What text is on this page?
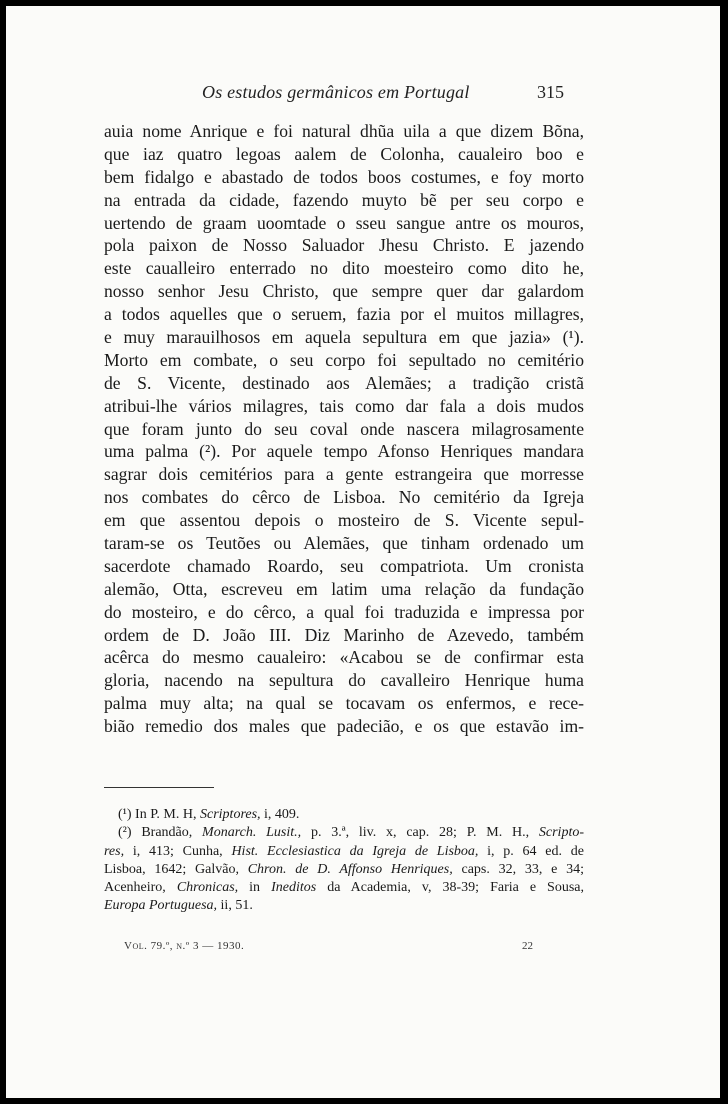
Os estudos germânicos em Portugal	315
auia nome Anrique e foi natural dhũa uila a que dizem Bõna,
que iaz quatro legoas aalem de Colonha, caualeiro boo e
bem fidalgo e abastado de todos boos costumes, e foy morto
na entrada da cidade, fazendo muyto bẽ per seu corpo e
uertendo de graam uoomtade o sseu sangue antre os mouros,
pola paixon de Nosso Saluador Jhesu Christo. E jazendo
este caualleiro enterrado no dito moesteiro como dito he,
nosso senhor Jesu Christo, que sempre quer dar galardom
a todos aquelles que o seruem, fazia por el muitos millagres,
e muy marauilhosos em aquela sepultura em que jazia» (¹).
Morto em combate, o seu corpo foi sepultado no cemitério
de S. Vicente, destinado aos Alemães; a tradição cristã
atribui-lhe vários milagres, tais como dar fala a dois mudos
que foram junto do seu coval onde nascera milagrosamente
uma palma (²). Por aquele tempo Afonso Henriques mandara
sagrar dois cemitérios para a gente estrangeira que morresse
nos combates do cêrco de Lisboa. No cemitério da Igreja
em que assentou depois o mosteiro de S. Vicente sepul-
taram-se os Teutões ou Alemães, que tinham ordenado um
sacerdote chamado Roardo, seu compatriota. Um cronista
alemão, Otta, escreveu em latim uma relação da fundação
do mosteiro, e do cêrco, a qual foi traduzida e impressa por
ordem de D. João III. Diz Marinho de Azevedo, também
acêrca do mesmo caualeiro: «Acabou se de confirmar esta
gloria, nacendo na sepultura do cavalleiro Henrique huma
palma muy alta; na qual se tocavam os enfermos, e rece-
bião remedio dos males que padecião, e os que estavão im-
(¹) In P. M. H, Scriptores, i, 409.
(²) Brandão, Monarch. Lusit., p. 3.ª, liv. x, cap. 28; P. M. H., Scripto-
res, i, 413; Cunha, Hist. Ecclesiastica da Igreja de Lisboa, i, p. 64 ed. de
Lisboa, 1642; Galvão, Chron. de D. Affonso Henriques, caps. 32, 33, e 34;
Acenheiro, Chronicas, in Ineditos da Academia, v, 38-39; Faria e Sousa,
Europa Portuguesa, ii, 51.
Vol. 79.º, n.º 3 — 1930.	22
